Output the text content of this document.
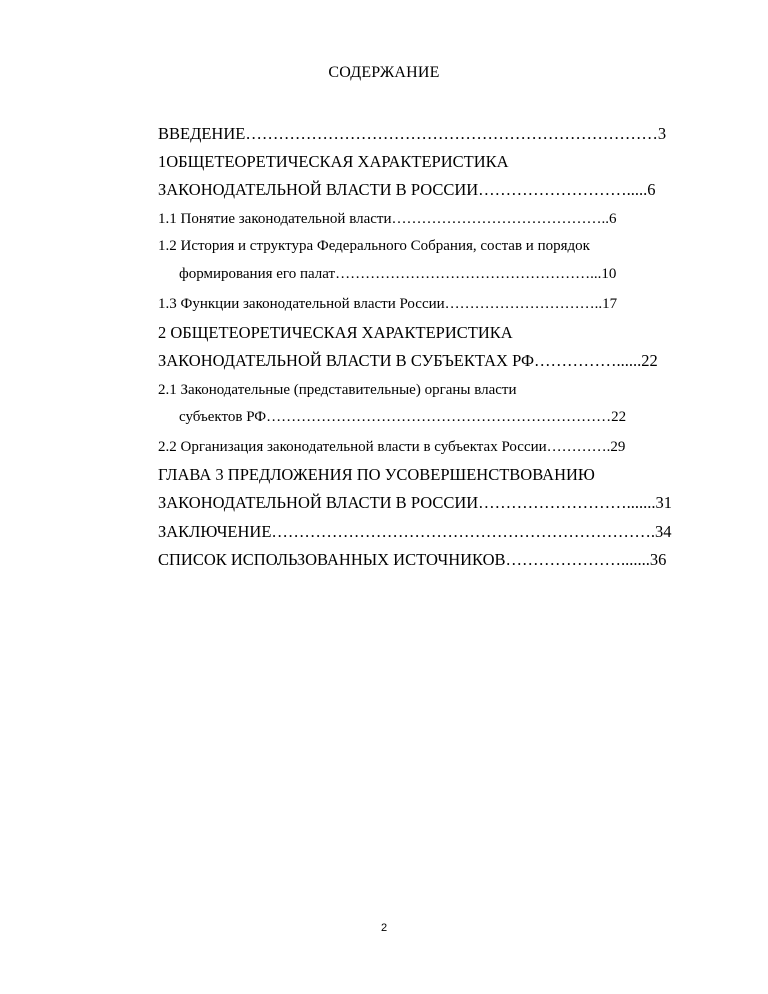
СОДЕРЖАНИЕ
ВВЕДЕНИЕ…………………………………………………………………3
1ОБЩЕТЕОРЕТИЧЕСКАЯ ХАРАКТЕРИСТИКА
ЗАКОНОДАТЕЛЬНОЙ ВЛАСТИ В РОССИИ……………………….....6
1.1 Понятие законодательной власти……………………………………..6
1.2 История и структура Федерального Собрания, состав и порядок
формирования его палат……………………………………………...10
1.3 Функции законодательной власти России…………………………..17
2 ОБЩЕТЕОРЕТИЧЕСКАЯ ХАРАКТЕРИСТИКА
ЗАКОНОДАТЕЛЬНОЙ ВЛАСТИ В СУБЪЕКТАХ РФ……………......22
2.1 Законодательные (представительные) органы власти
субъектов РФ……………………………………………………………22
2.2 Организация законодательной власти в субъектах России………….29
ГЛАВА 3 ПРЕДЛОЖЕНИЯ ПО УСОВЕРШЕНСТВОВАНИЮ
ЗАКОНОДАТЕЛЬНОЙ ВЛАСТИ В РОССИИ……………………….......31
ЗАКЛЮЧЕНИЕ…………………………………………………………….34
СПИСОК ИСПОЛЬЗОВАННЫХ ИСТОЧНИКОВ………………….......36
2
